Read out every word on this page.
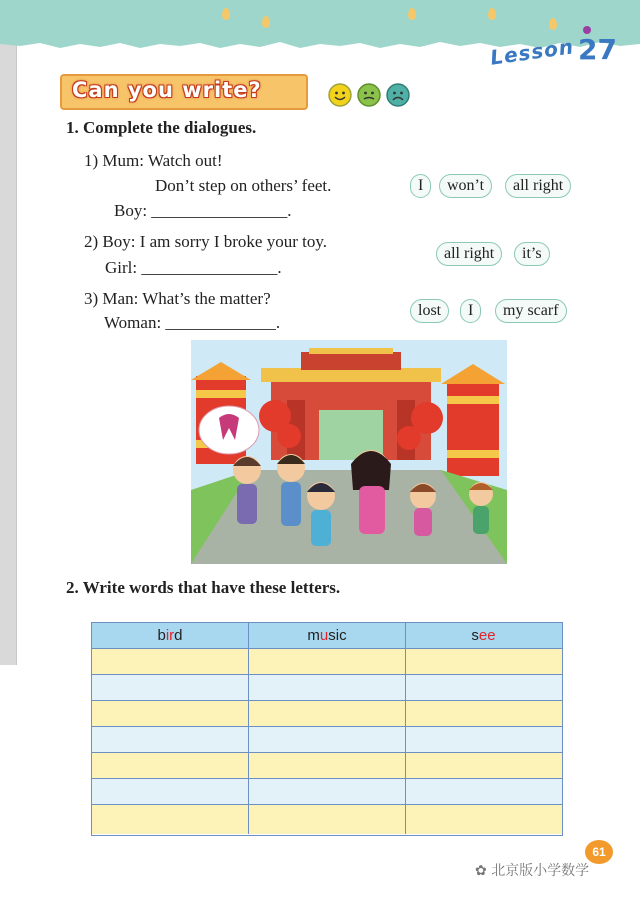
Lesson 27
Can you write?
1. Complete the dialogues.
1) Mum: Watch out!
Don’t step on others’ feet.
Boy: ________________.
I	won’t	all right
2) Boy: I am sorry I broke your toy.
Girl: ________________.
all right	it’s
3) Man: What’s the matter?
Woman: _____________.
lost	I	my scarf
2. Write words that have these letters.
bird	music	see
61
✿ 北京版小学数学
